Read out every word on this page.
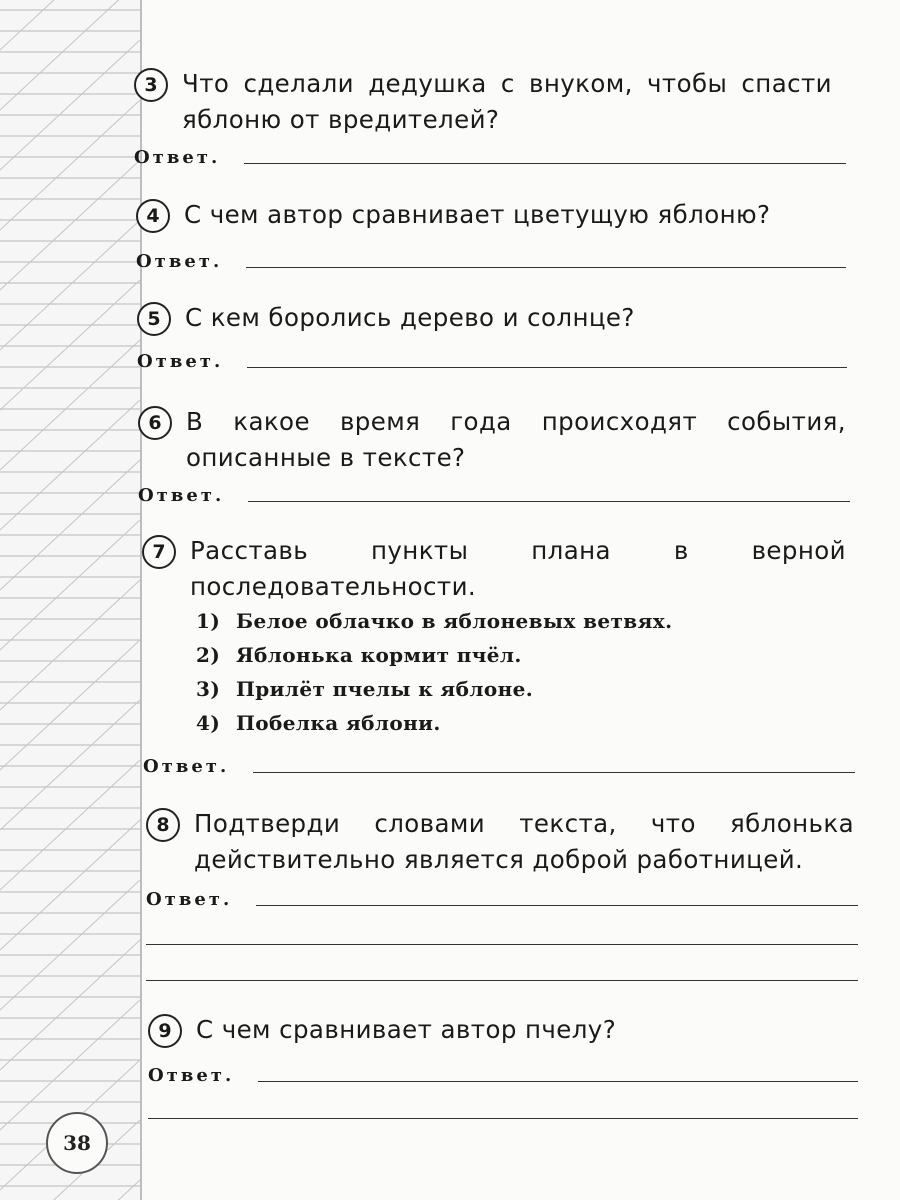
38
3 Что сделали дедушка с внуком, чтобы спасти яблоню от вредителей?
Ответ.
4 С чем автор сравнивает цветущую яблоню?
Ответ.
5 С кем боролись дерево и солнце?
Ответ.
6 В какое время года происходят события, описанные в тексте?
Ответ.
7 Расставь пункты плана в верной последовательности.
1) Белое облачко в яблоневых ветвях.
2) Яблонька кормит пчёл.
3) Прилёт пчелы к яблоне.
4) Побелка яблони.
Ответ.
8 Подтверди словами текста, что яблонька действительно является доброй работницей.
Ответ.
9 С чем сравнивает автор пчелу?
Ответ.
